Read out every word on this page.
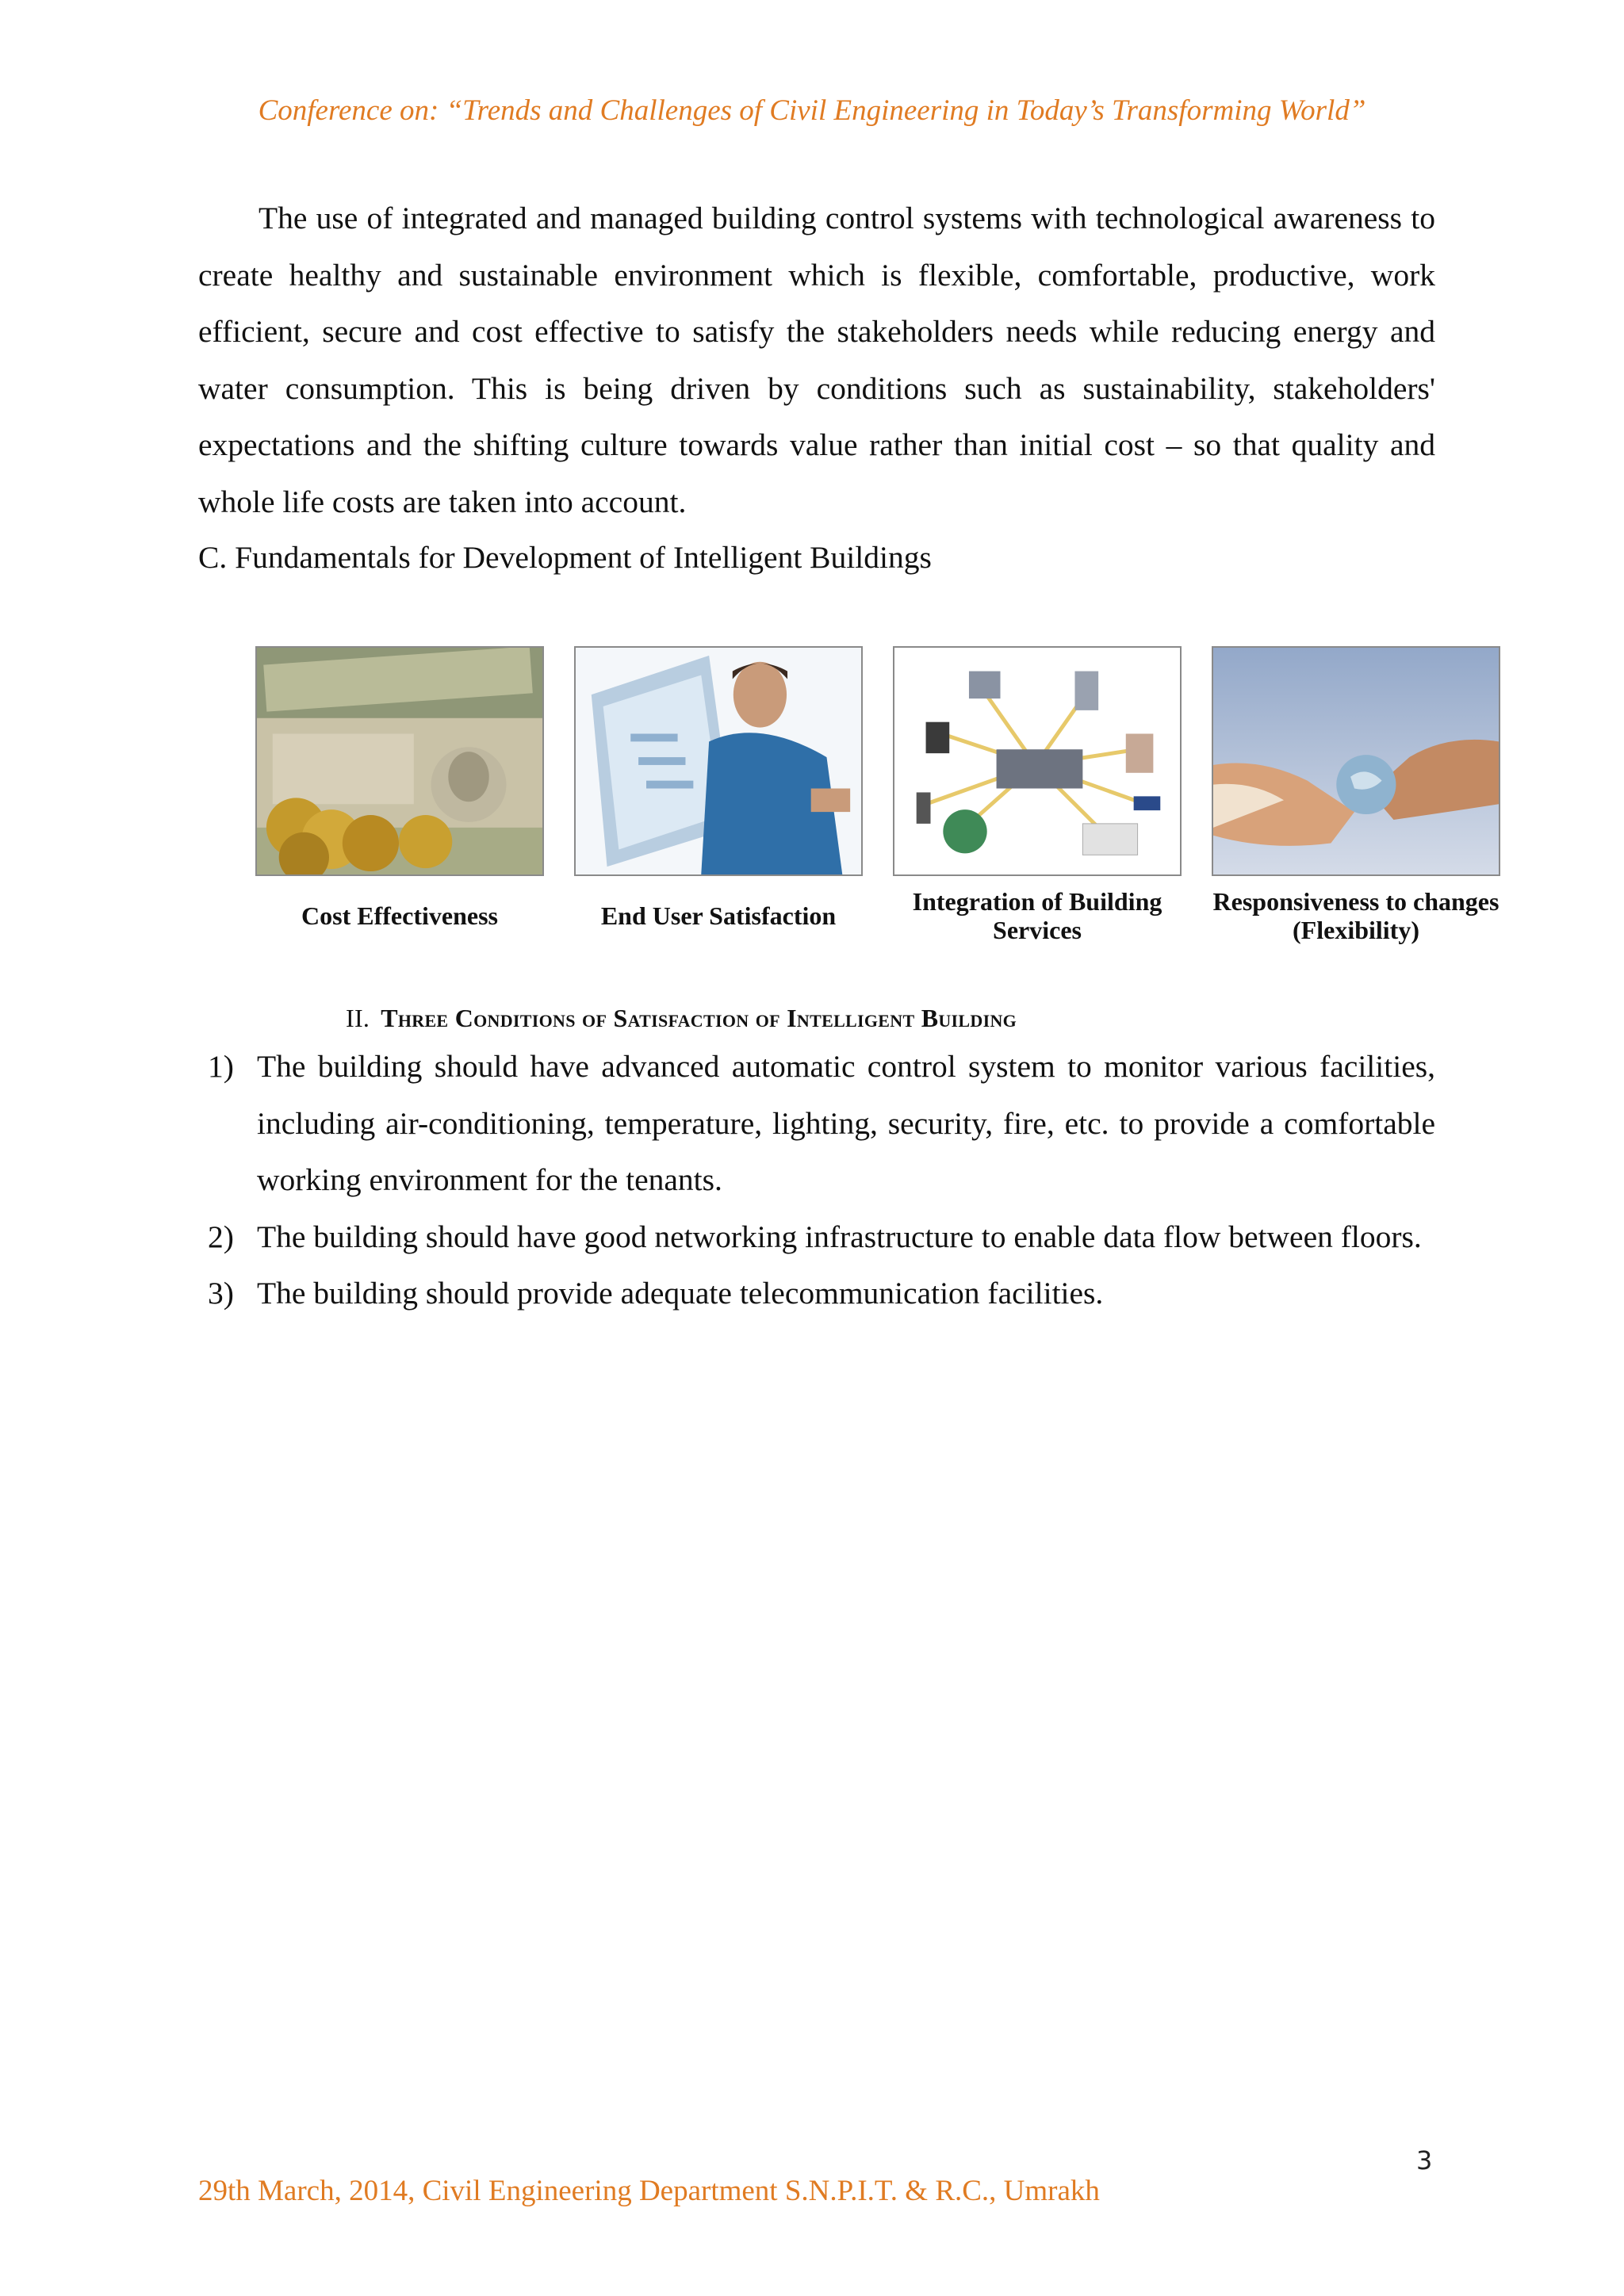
Conference on: “Trends and Challenges of Civil Engineering in Today’s Transforming World”

The use of integrated and managed building control systems with technological awareness to create healthy and sustainable environment which is flexible, comfortable, productive, work efficient, secure and cost effective to satisfy the stakeholders needs while reducing energy and water consumption. This is being driven by conditions such as sustainability, stakeholders' expectations and the shifting culture towards value rather than initial cost – so that quality and whole life costs are taken into account.

C. Fundamentals for Development of Intelligent Buildings

Cost Effectiveness	End User Satisfaction	Integration of Building Services
Responsiveness to changes (Flexibility)
II. Three Conditions of Satisfaction of Intelligent Building
1) The building should have advanced automatic control system to monitor various facilities, including air-conditioning, temperature, lighting, security, fire, etc. to provide a comfortable working environment for the tenants.
2) The building should have good networking infrastructure to enable data flow between floors.
3) The building should provide adequate telecommunication facilities.
3
29th March, 2014, Civil Engineering Department S.N.P.I.T. & R.C., Umrakh
